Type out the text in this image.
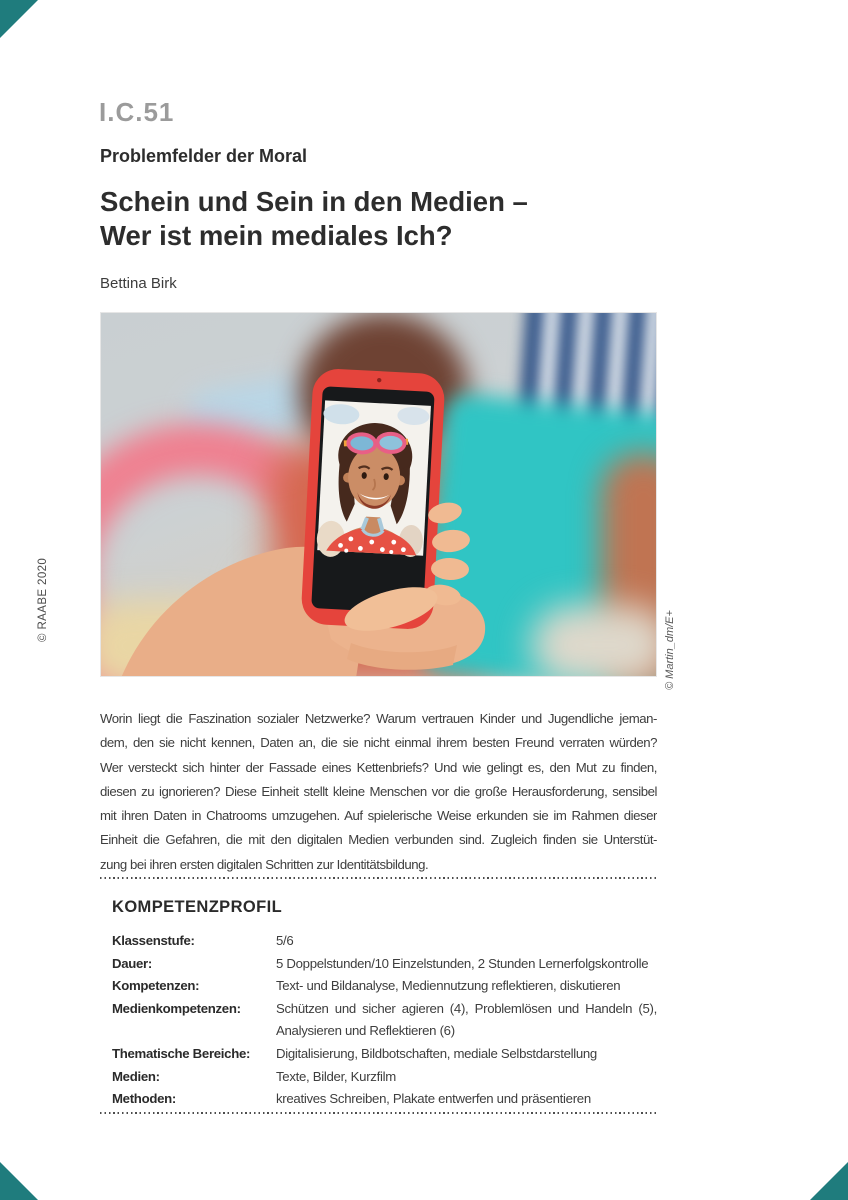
I.C.51
Problemfelder der Moral
Schein und Sein in den Medien –
Wer ist mein mediales Ich?
Bettina Birk
© RAABE 2020
© Martin_dm/E+
Worin liegt die Faszination sozialer Netzwerke? Warum vertrauen Kinder und Jugendliche jeman-
dem, den sie nicht kennen, Daten an, die sie nicht einmal ihrem besten Freund verraten würden?
Wer versteckt sich hinter der Fassade eines Kettenbriefs? Und wie gelingt es, den Mut zu finden,
diesen zu ignorieren? Diese Einheit stellt kleine Menschen vor die große Herausforderung, sensibel
mit ihren Daten in Chatrooms umzugehen. Auf spielerische Weise erkunden sie im Rahmen dieser
Einheit die Gefahren, die mit den digitalen Medien verbunden sind. Zugleich finden sie Unterstüt-
zung bei ihren ersten digitalen Schritten zur Identitätsbildung.
KOMPETENZPROFIL
Klassenstufe:	5/6
Dauer:	5 Doppelstunden/10 Einzelstunden, 2 Stunden Lernerfolgskontrolle
Kompetenzen:	Text- und Bildanalyse, Mediennutzung reflektieren, diskutieren
Medienkompetenzen:	Schützen und sicher agieren (4), Problemlösen und Handeln (5),
Analysieren und Reflektieren (6)
Thematische Bereiche:	Digitalisierung, Bildbotschaften, mediale Selbstdarstellung
Medien:	Texte, Bilder, Kurzfilm
Methoden:	kreatives Schreiben, Plakate entwerfen und präsentieren
